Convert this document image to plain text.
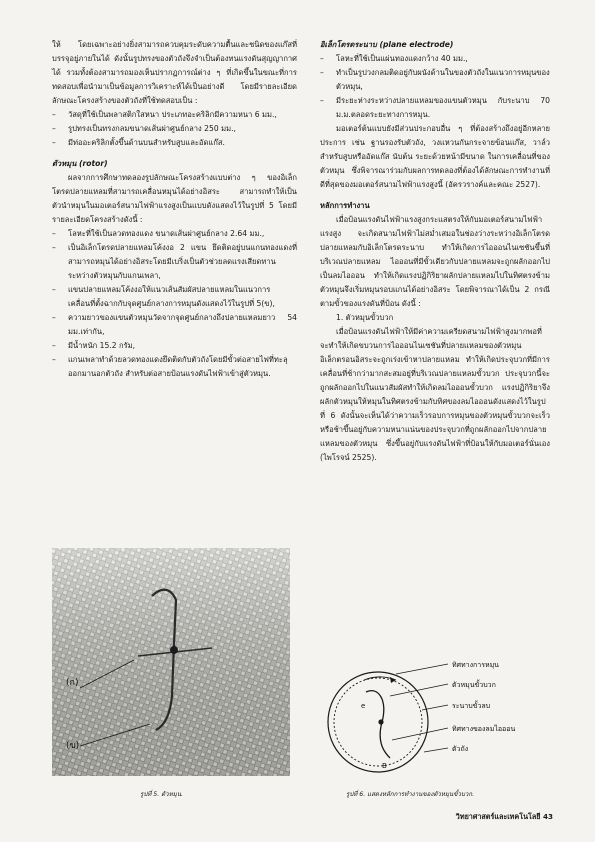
ให้ โดยเฉพาะอย่างยิ่งสามารถควบคุมระดับความตื้นและชนิดของแก๊สที่บรรจุอยู่ภายในได้ ดังนั้นรูปทรงของตัวถังจึงจำเป็นต้องทนแรงดันสุญญากาศได้ รวมทั้งต้องสามารถมองเห็นปรากฏการณ์ต่าง ๆ ที่เกิดขึ้นในขณะที่การทดสอบเพื่อนำมาเป็นข้อมูลการวิเคราะห์ได้เป็นอย่างดี โดยมีรายละเอียดลักษณะโครงสร้างของตัวถังที่ใช้ทดสอบเป็น :

– วัสดุที่ใช้เป็นพลาสติกใสหนา ประเภทอะคริลิกมีความหนา 6 มม.,
– รูปทรงเป็นทรงกลมขนาดเส้นผ่าศูนย์กลาง 250 มม.,
– มีท่ออะคริลิกตั้งขึ้นด้านบนสำหรับสูบและอัดแก๊ส.

ตัวหมุน (rotor)

ผลจากการศึกษาทดลองรูปลักษณะโครงสร้างแบบต่าง ๆ ของอิเล็กโตรดปลายแหลมที่สามารถเคลื่อนหมุนได้อย่างอิสระ สามารถทำให้เป็นตัวนำหมุนในมอเตอร์สนามไฟฟ้าแรงสูงเป็นแบบดังแสดงไว้ในรูปที่ 5 โดยมีรายละเอียดโครงสร้างดังนี้ :

– โลหะที่ใช้เป็นลวดทองแดง ขนาดเส้นผ่าศูนย์กลาง 2.64 มม.,
– เป็นอิเล็กโตรดปลายแหลมโค้งงอ 2 แขน ยึดติดอยู่บนแกนทองแดงที่สามารถหมุนได้อย่างอิสระโดยมีเบริ่งเป็นตัวช่วยลดแรงเสียดทานระหว่างตัวหมุนกับแกนเพลา,
– แขนปลายแหลมโค้งงอให้แนวเส้นสัมผัสปลายแหลมในแนวการเคลื่อนที่ตั้งฉากกับจุดศูนย์กลางการหมุนดังแสดงไว้ในรูปที่ 5(ข),
– ความยาวของแขนตัวหมุนวัดจากจุดศูนย์กลางถึงปลายแหลมยาว 54 มม.เท่ากัน,
– มีน้ำหนัก 15.2 กรัม,
– แกนเพลาทำด้วยลวดทองแดงยึดติดกับตัวถังโดยมีขั้วต่อสายไฟที่ทะลุออกมานอกตัวถัง สำหรับต่อสายป้อนแรงดันไฟฟ้าเข้าสู่ตัวหมุน.
(ก)
(ข)
รูปที่ 5. ตัวหมุน.

อิเล็กโตรดระนาบ (plane electrode)

– โลหะที่ใช้เป็นแผ่นทองแดงกว้าง 40 มม.,
– ทำเป็นรูปวงกลมติดอยู่กับผนังด้านในของตัวถังในแนวการหมุนของตัวหมุน,
– มีระยะห่างระหว่างปลายแหลมของแขนตัวหมุน กับระนาบ 70 ม.ม.ตลอดระยะทางการหมุน.

มอเตอร์ต้นแบบยังมีส่วนประกอบอื่น ๆ ที่ต้องสร้างถึงอยู่อีกหลายประการ เช่น ฐานรองรับตัวถัง, วงแหวนกันกระจายข้อนแก๊ส, วาล์วสำหรับสูบหรืออัดแก๊ส นับต้น ระยะด้วยหน้ามีขนาด ในการเคลื่อนที่ของตัวหมุน ซึ่งพิจารณาร่วมกับผลการทดลองที่ต้องได้ลักษณะการทำงานที่ดีที่สุดของมอเตอร์สนามไฟฟ้าแรงสูงนี้ (อัครวรางค์และคณะ 2527).

หลักการทำงาน

เมื่อป้อนแรงดันไฟฟ้าแรงสูงกระแสตรงให้กับมอเตอร์สนามไฟฟ้าแรงสูง จะเกิดสนามไฟฟ้าไม่สม่ำเสมอในช่องว่างระหว่างอิเล็กโตรดปลายแหลมกับอิเล็กโตรดระนาบ ทำให้เกิดการไอออนไนเซชันขึ้นที่บริเวณปลายแหลม ไอออนที่มีขั้วเดียวกับปลายแหลมจะถูกผลักออกไปเป็นลมไอออน ทำให้เกิดแรงปฏิกิริยาผลักปลายแหลมไปในทิศตรงข้าม ตัวหมุนจึงเริ่มหมุนรอบแกนได้อย่างอิสระ โดยพิจารณาได้เป็น 2 กรณีตามขั้วของแรงดันที่ป้อน ดังนี้ :

1. ตัวหมุนขั้วบวก

เมื่อป้อนแรงดันไฟฟ้าให้มีค่าความเครียดสนามไฟฟ้าสูงมากพอที่จะทำให้เกิดขบวนการไอออนไนเซชันที่ปลายแหลมของตัวหมุน อิเล็กตรอนอิสระจะถูกเร่งเข้าหาปลายแหลม ทำให้เกิดประจุบวกที่มีการเคลื่อนที่ช้ากว่ามากสะสมอยู่ที่บริเวณปลายแหลมขั้วบวก ประจุบวกนี้จะถูกผลักออกไปในแนวสัมผัสทำให้เกิดลมไอออนขั้วบวก แรงปฏิกิริยาจึงผลักตัวหมุนให้หมุนในทิศตรงข้ามกับทิศของลมไอออนดังแสดงไว้ในรูปที่ 6 ดังนั้นจะเห็นได้ว่าความเร็วรอบการหมุนของตัวหมุนขั้วบวกจะเร็วหรือช้าขึ้นอยู่กับความหนาแน่นของประจุบวกที่ถูกผลักออกไปจากปลายแหลมของตัวหมุน ซึ่งขึ้นอยู่กับแรงดันไฟฟ้าที่ป้อนให้กับมอเตอร์นั่นเอง (ไพโรจน์ 2525).

e
B
ทิศทางการหมุน
ตัวหมุนขั้วบวก
ระนาบขั้วลบ
ทิศทางของลมไอออน
ตัวถัง
รูปที่ 6. แสดงหลักการทำงานของตัวหมุนขั้วบวก.
วิทยาศาสตร์และเทคโนโลยี 43
